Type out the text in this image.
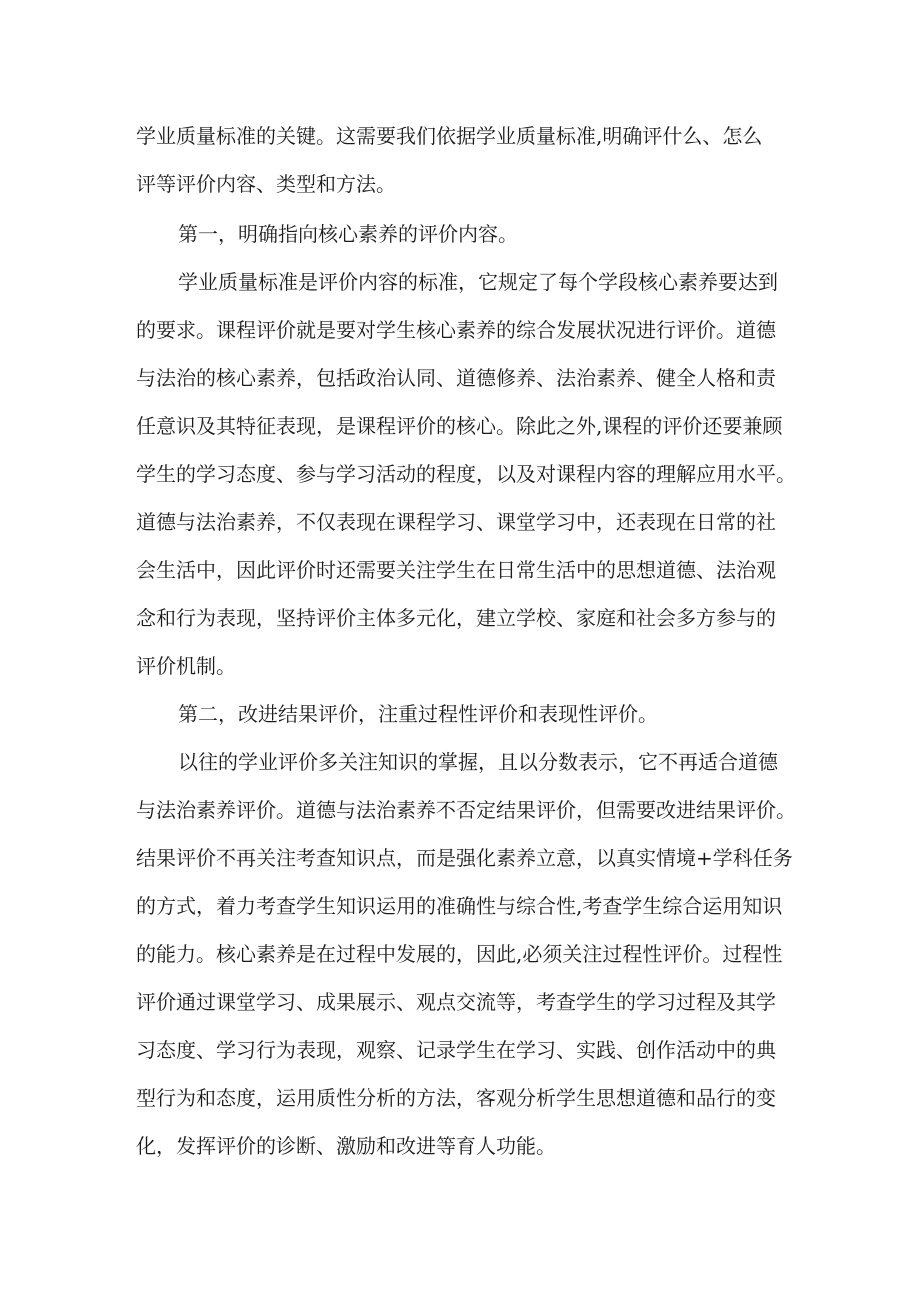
学业质量标准的关键。这需要我们依据学业质量标准,明确评什么、怎么
评等评价内容、类型和方法。
第一，明确指向核心素养的评价内容。
学业质量标准是评价内容的标准，它规定了每个学段核心素养要达到
的要求。课程评价就是要对学生核心素养的综合发展状况进行评价。道德
与法治的核心素养，包括政治认同、道德修养、法治素养、健全人格和责
任意识及其特征表现，是课程评价的核心。除此之外,课程的评价还要兼顾
学生的学习态度、参与学习活动的程度，以及对课程内容的理解应用水平。
道德与法治素养，不仅表现在课程学习、课堂学习中，还表现在日常的社
会生活中，因此评价时还需要关注学生在日常生活中的思想道德、法治观
念和行为表现，坚持评价主体多元化，建立学校、家庭和社会多方参与的
评价机制。
第二，改进结果评价，注重过程性评价和表现性评价。
以往的学业评价多关注知识的掌握，且以分数表示，它不再适合道德
与法治素养评价。道德与法治素养不否定结果评价，但需要改进结果评价。
结果评价不再关注考查知识点，而是强化素养立意，以真实情境+学科任务
的方式，着力考查学生知识运用的准确性与综合性,考查学生综合运用知识
的能力。核心素养是在过程中发展的，因此,必须关注过程性评价。过程性
评价通过课堂学习、成果展示、观点交流等，考查学生的学习过程及其学
习态度、学习行为表现，观察、记录学生在学习、实践、创作活动中的典
型行为和态度，运用质性分析的方法，客观分析学生思想道德和品行的变
化，发挥评价的诊断、激励和改进等育人功能。
